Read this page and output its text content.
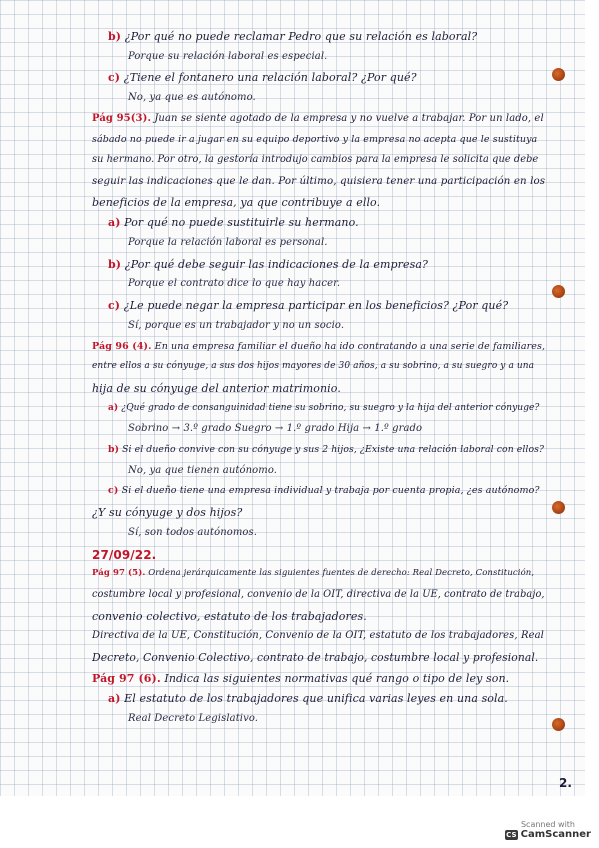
b) ¿Por qué no puede reclamar Pedro que su relación es laboral?
Porque su relación laboral es especial.
c) ¿Tiene el fontanero una relación laboral? ¿Por qué?
No, ya que es autónomo.
Pág 95(3). Juan se siente agotado de la empresa y no vuelve a trabajar. Por un lado, el
sábado no puede ir a jugar en su equipo deportivo y la empresa no acepta que le sustituya
su hermano. Por otro, la gestoría introdujo cambios para la empresa le solicita que debe
seguir las indicaciones que le dan. Por último, quisiera tener una participación en los
beneficios de la empresa, ya que contribuye a ello.
a) Por qué no puede sustituirle su hermano.
Porque la relación laboral es personal.
b) ¿Por qué debe seguir las indicaciones de la empresa?
Porque el contrato dice lo que hay hacer.
c) ¿Le puede negar la empresa participar en los beneficios? ¿Por qué?
Sí, porque es un trabajador y no un socio.
Pág 96 (4). En una empresa familiar el dueño ha ido contratando a una serie de familiares,
entre ellos a su cónyuge, a sus dos hijos mayores de 30 años, a su sobrino, a su suegro y a una
hija de su cónyuge del anterior matrimonio.
a) ¿Qué grado de consanguinidad tiene su sobrino, su suegro y la hija del anterior cónyuge?
Sobrino → 3.º grado Suegro → 1.º grado Hija → 1.º grado
b) Si el dueño convive con su cónyuge y sus 2 hijos, ¿Existe una relación laboral con ellos?
No, ya que tienen autónomo.
c) Si el dueño tiene una empresa individual y trabaja por cuenta propia, ¿es autónomo?
¿Y su cónyuge y dos hijos?
Sí, son todos autónomos.
27/09/22.
Pág 97 (5). Ordena jerárquicamente las siguientes fuentes de derecho: Real Decreto, Constitución,
costumbre local y profesional, convenio de la OIT, directiva de la UE, contrato de trabajo,
convenio colectivo, estatuto de los trabajadores.
Directiva de la UE, Constitución, Convenio de la OIT, estatuto de los trabajadores, Real
Decreto, Convenio Colectivo, contrato de trabajo, costumbre local y profesional.
Pág 97 (6). Indica las siguientes normativas qué rango o tipo de ley son.
a) El estatuto de los trabajadores que unifica varias leyes en una sola.
Real Decreto Legislativo.
2.
Scanned with
CS CamScanner
